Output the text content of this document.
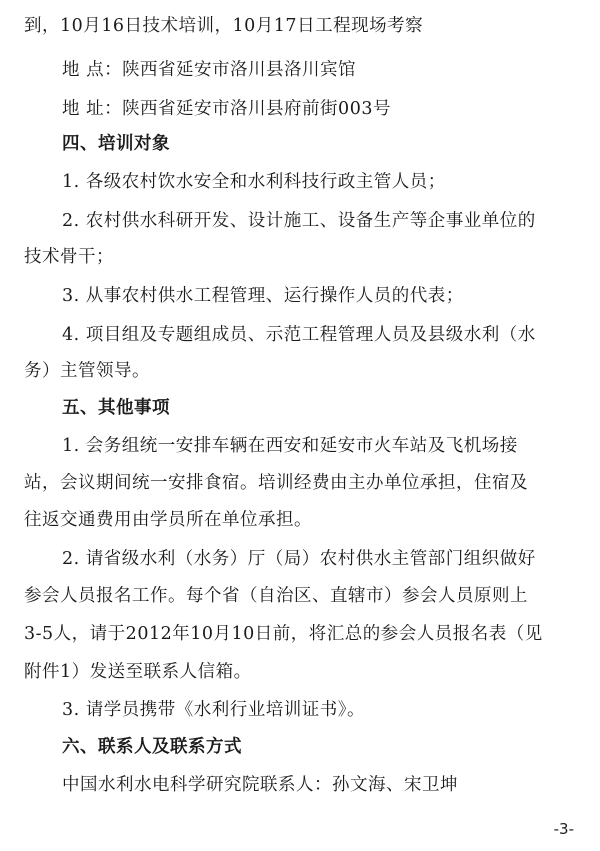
到，10月16日技术培训，10月17日工程现场考察
地 点：陕西省延安市洛川县洛川宾馆
地 址：陕西省延安市洛川县府前街003号
四、培训对象
1. 各级农村饮水安全和水利科技行政主管人员；
2. 农村供水科研开发、设计施工、设备生产等企事业单位的
技术骨干；
3. 从事农村供水工程管理、运行操作人员的代表；
4. 项目组及专题组成员、示范工程管理人员及县级水利（水
务）主管领导。
五、其他事项
1. 会务组统一安排车辆在西安和延安市火车站及飞机场接
站，会议期间统一安排食宿。培训经费由主办单位承担，住宿及
往返交通费用由学员所在单位承担。
2. 请省级水利（水务）厅（局）农村供水主管部门组织做好
参会人员报名工作。每个省（自治区、直辖市）参会人员原则上
3-5人，请于2012年10月10日前，将汇总的参会人员报名表（见
附件1）发送至联系人信箱。
3. 请学员携带《水利行业培训证书》。
六、联系人及联系方式
中国水利水电科学研究院联系人：孙文海、宋卫坤
-3-
